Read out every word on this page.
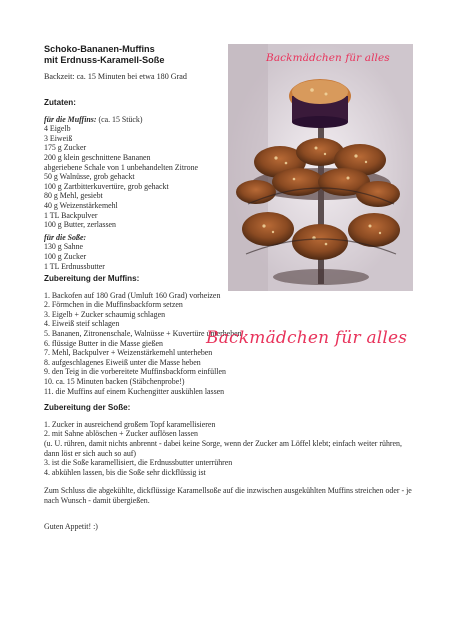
Schoko-Bananen-Muffins
mit Erdnuss-Karamell-Soße
Backzeit: ca. 15 Minuten bei etwa 180 Grad
Backmädchen für alles
Zutaten:
für die Muffins: (ca. 15 Stück)
4 Eigelb
3 Eiweiß
175 g Zucker
200 g klein geschnittene Bananen
abgeriebene Schale von 1 unbehandelten Zitrone
50 g Walnüsse, grob gehackt
100 g Zartbitterkuvertüre, grob gehackt
80 g Mehl, gesiebt
40 g Weizenstärkemehl
1 TL Backpulver
100 g Butter, zerlassen
für die Soße:
130 g Sahne
100 g Zucker
1 TL Erdnussbutter
Zubereitung der Muffins:
1. Backofen auf 180 Grad (Umluft 160 Grad) vorheizen
2. Förmchen in die Muffinsbackform setzen
3. Eigelb + Zucker schaumig schlagen
4. Eiweiß steif schlagen
5. Bananen, Zitronenschale, Walnüsse + Kuvertüre unterheben
6. flüssige Butter in die Masse gießen
7. Mehl, Backpulver + Weizenstärkemehl unterheben
8. aufgeschlagenes Eiweiß unter die Masse heben
9. den Teig in die vorbereitete Muffinsbackform einfüllen
10. ca. 15 Minuten backen (Stäbchenprobe!)
11. die Muffins auf einem Kuchengitter auskühlen lassen
Zubereitung der Soße:
1. Zucker in ausreichend großem Topf karamellisieren
2. mit Sahne ablöschen + Zucker auflösen lassen
(u. U. rühren, damit nichts anbrennt - dabei keine Sorge, wenn der Zucker am Löffel klebt; einfach weiter rühren, dann löst er sich auch so auf)
3. ist die Soße karamellisiert, die Erdnussbutter unterrühren
4. abkühlen lassen, bis die Soße sehr dickflüssig ist
Zum Schluss die abgekühlte, dickflüssige Karamellsoße auf die inzwischen ausgekühlten Muffins streichen oder - je nach Wunsch - damit übergießen.
Guten Appetit! :)
Backmädchen für alles
